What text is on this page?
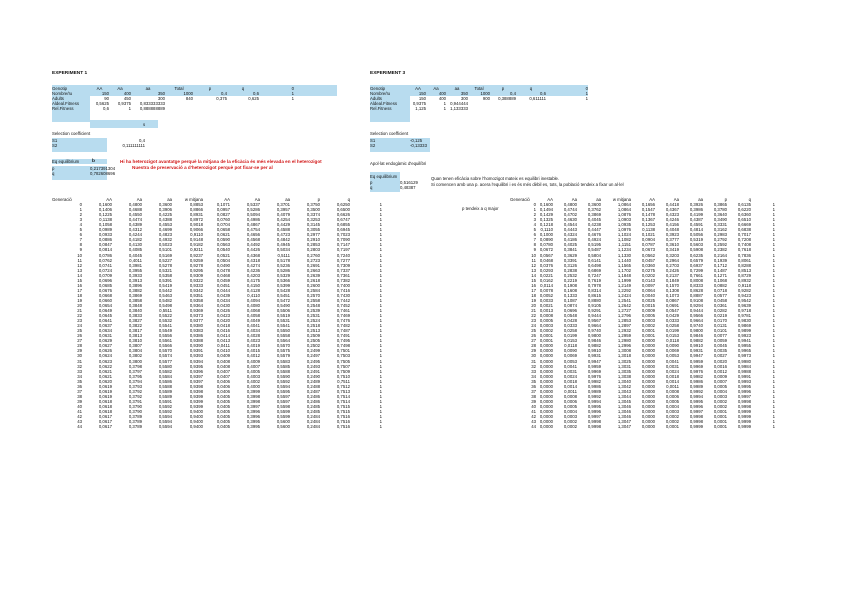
EXPERIMENT 1
Genotip	AA	Aa	aa	Total	p	q	0
Nombre/ïu	150	400	350	1000	0,4	0,6	1
Adults	90	450	300	840	0,375	0,625	1
Aldeal.Fitness	0,5625	0,9375	0,833333333				
Rel.Fitness	0,6	1	0,888888889				
s
Selection coefficient
S1	0,4
S2	0,111111111
Hi ha heterozigot avantatge perquè la mitjana de la eficàcia és més elevada en el heterozigot
Nuestra de preservació a d'heterozigot perquè pot fixar-se per al
Eq equilibrium	b
p	0,217391304
q	0,782608696
Generació	AA	Aa	aa	w mitjana	AA	Aa	aa	p	q	
0	0,1600	0,4800	0,3600	0,8853	0,1071	0,5337	0,3701	0,3750	0,6250	1
1	0,1406	0,4688	0,3906	0,8866	0,0957	0,5286	0,3957	0,3500	0,6500	1
2	0,1225	0,4550	0,4225	0,8931	0,0827	0,5094	0,4079	0,3374	0,6626	1
3	0,1138	0,4474	0,4388	0,8972	0,0760	0,4986	0,4254	0,3253	0,6747	1
4	0,1058	0,4389	0,4553	0,9018	0,0704	0,4867	0,4429	0,3145	0,6855	1
5	0,0989	0,4312	0,4699	0,9066	0,0658	0,4754	0,4588	0,3055	0,6945	1
6	0,0933	0,4244	0,4823	0,9110	0,0621	0,4656	0,4723	0,2977	0,7023	1
7	0,0886	0,4182	0,4932	0,9148	0,0590	0,4568	0,4842	0,2910	0,7090	1
8	0,0847	0,4130	0,5023	0,9182	0,0563	0,4492	0,4945	0,2853	0,7147	1
9	0,0814	0,4085	0,5101	0,9211	0,0540	0,4426	0,5034	0,2803	0,7197	1
10	0,0786	0,4045	0,5169	0,9237	0,0521	0,4368	0,5111	0,2760	0,7240	1
11	0,0762	0,4011	0,5227	0,9259	0,0504	0,4318	0,5178	0,2723	0,7277	1
12	0,0741	0,3981	0,5278	0,9278	0,0490	0,4274	0,5236	0,2691	0,7309	1
13	0,0724	0,3955	0,5321	0,9295	0,0478	0,4236	0,5286	0,2663	0,7337	1
14	0,0709	0,3933	0,5358	0,9309	0,0468	0,4203	0,5329	0,2639	0,7361	1
15	0,0696	0,3913	0,5391	0,9322	0,0459	0,4175	0,5366	0,2618	0,7382	1
16	0,0685	0,3896	0,5419	0,9333	0,0451	0,4150	0,5399	0,2600	0,7400	1
17	0,0676	0,3882	0,5442	0,9342	0,0444	0,4128	0,5428	0,2584	0,7416	1
18	0,0668	0,3869	0,5463	0,9351	0,0439	0,4110	0,5451	0,2570	0,7430	1
19	0,0660	0,3858	0,5482	0,9358	0,0434	0,4094	0,5472	0,2558	0,7442	1
20	0,0654	0,3848	0,5498	0,9364	0,0430	0,4080	0,5490	0,2548	0,7452	1
21	0,0649	0,3840	0,5511	0,9369	0,0426	0,4068	0,5506	0,2539	0,7461	1
22	0,0645	0,3833	0,5522	0,9373	0,0423	0,4058	0,5519	0,2531	0,7469	1
23	0,0641	0,3827	0,5532	0,9377	0,0420	0,4049	0,5531	0,2524	0,7476	1
24	0,0637	0,3822	0,5541	0,9380	0,0418	0,4041	0,5541	0,2518	0,7482	1
25	0,0634	0,3817	0,5549	0,9383	0,0416	0,4034	0,5550	0,2513	0,7487	1
26	0,0631	0,3813	0,5556	0,9386	0,0414	0,4028	0,5558	0,2509	0,7491	1
27	0,0629	0,3810	0,5561	0,9388	0,0413	0,4023	0,5564	0,2505	0,7495	1
28	0,0627	0,3807	0,5566	0,9390	0,0411	0,4019	0,5570	0,2502	0,7498	1
29	0,0626	0,3804	0,5570	0,9391	0,0410	0,4015	0,5575	0,2499	0,7501	1
30	0,0624	0,3802	0,5574	0,9393	0,0409	0,4012	0,5579	0,2497	0,7503	1
31	0,0623	0,3800	0,5577	0,9394	0,0408	0,4009	0,5583	0,2495	0,7505	1
32	0,0622	0,3798	0,5580	0,9395	0,0408	0,4007	0,5585	0,2493	0,7507	1
33	0,0621	0,3797	0,5582	0,9396	0,0407	0,4005	0,5588	0,2491	0,7509	1
34	0,0621	0,3795	0,5584	0,9397	0,0407	0,4003	0,5590	0,2490	0,7510	1
35	0,0620	0,3794	0,5586	0,9397	0,0406	0,4002	0,5592	0,2489	0,7511	1
36	0,0619	0,3793	0,5588	0,9398	0,0406	0,4000	0,5594	0,2488	0,7512	1
37	0,0619	0,3792	0,5589	0,9398	0,0406	0,3999	0,5595	0,2487	0,7513	1
38	0,0619	0,3792	0,5589	0,9399	0,0405	0,3998	0,5597	0,2486	0,7514	1
39	0,0618	0,3791	0,5591	0,9399	0,0405	0,3998	0,5597	0,2486	0,7514	1
40	0,0618	0,3790	0,5592	0,9399	0,0405	0,3997	0,5598	0,2485	0,7515	1
41	0,0618	0,3790	0,5592	0,9400	0,0405	0,3996	0,5599	0,2485	0,7515	1
42	0,0617	0,3789	0,5594	0,9400	0,0405	0,3996	0,5599	0,2484	0,7516	1
43	0,0617	0,3789	0,5594	0,9400	0,0405	0,3995	0,5600	0,2484	0,7516	1
44	0,0617	0,3789	0,5594	0,9400	0,0405	0,3995	0,5600	0,2484	0,7516	1
EXPERIMENT 3
Genotip	AA	Aa	aa	Total	p	q	0
Nombre/ïu	150	400	350	1000	0,4	0,6	1
Adults	150	400	300	900	0,388889	0,611111	1
Aldeal.Fitness	0,9375	1	0,944444				
Rel.Fitness	1,125	1	1,133333				
Selection coefficient
S1	-0,125
S2	-0,13333
Apol·lat endogàmic d'equilíbri
Eq equilibrium
p	0,516129
q	0,48387
Quan tenen eficàcia sobre l'homozigot mateix es equilibri inestable.
Si comencen amb una p. acera l'equilibri i es és més dèbil es, tots, la població tendeix a fixar un al·lel
p tendeix a q major
Generació	AA	Aa	aa	w mitjana	AA	Aa	aa	p	q	
0	0,1600	0,4800	0,3600	1,0864	0,1656	0,4418	0,3926	0,3865	0,6135	1
1	0,1494	0,4744	0,3762	1,0864	0,1547	0,4367	0,3986	0,3780	0,6220	1
2	0,1429	0,4702	0,3869	1,0876	0,1478	0,4323	0,4199	0,3640	0,6360	1
3	0,1325	0,4630	0,4045	1,0903	0,1367	0,4246	0,4387	0,3490	0,6510	1
4	0,1218	0,4544	0,4238	1,0935	0,1253	0,4156	0,4591	0,3331	0,6669	1
5	0,1110	0,4443	0,4447	1,0976	0,1138	0,4048	0,4814	0,3162	0,6838	1
6	0,1000	0,4324	0,4676	1,1024	0,1021	0,3923	0,5056	0,2983	0,7017	1
7	0,0890	0,4186	0,4924	1,1082	0,0904	0,3777	0,5319	0,2792	0,7208	1
8	0,0780	0,4025	0,5195	1,1151	0,0787	0,3610	0,5603	0,2592	0,7408	1
9	0,0672	0,3841	0,5487	1,1234	0,0673	0,3419	0,5908	0,2382	0,7618	1
10	0,0567	0,3629	0,5804	1,1330	0,0562	0,3203	0,6235	0,2164	0,7836	1
11	0,0468	0,3391	0,6141	1,1440	0,0457	0,2964	0,6579	0,1939	0,8061	1
12	0,0376	0,3126	0,6498	1,1565	0,0360	0,2703	0,6937	0,1712	0,8288	1
13	0,0293	0,2838	0,6869	1,1702	0,0275	0,2426	0,7299	0,1487	0,8513	1
14	0,0221	0,2532	0,7247	1,1848	0,0202	0,2137	0,7661	0,1271	0,8729	1
15	0,0162	0,2219	0,7619	1,1999	0,0143	0,1849	0,8008	0,1068	0,8932	1
16	0,0114	0,1908	0,7978	1,2149	0,0097	0,1570	0,8333	0,0882	0,9118	1
17	0,0078	0,1608	0,8314	1,2292	0,0064	0,1308	0,8628	0,0718	0,9282	1
18	0,0052	0,1333	0,8615	1,2424	0,0040	0,1073	0,8887	0,0577	0,9423	1
19	0,0033	0,1087	0,8880	1,2541	0,0025	0,0867	0,9108	0,0458	0,9542	1
20	0,0021	0,0874	0,9105	1,2642	0,0015	0,0691	0,9294	0,0361	0,9639	1
21	0,0013	0,0696	0,9291	1,2727	0,0009	0,0547	0,9444	0,0282	0,9718	1
22	0,0008	0,0548	0,9444	1,2796	0,0005	0,0429	0,9566	0,0219	0,9781	1
23	0,0005	0,0428	0,9567	1,2853	0,0003	0,0333	0,9664	0,0170	0,9830	1
24	0,0003	0,0333	0,9664	1,2897	0,0002	0,0258	0,9740	0,0131	0,9869	1
25	0,0002	0,0258	0,9740	1,2932	0,0001	0,0199	0,9800	0,0101	0,9899	1
26	0,0001	0,0199	0,9800	1,2959	0,0001	0,0153	0,9846	0,0077	0,9923	1
27	0,0001	0,0153	0,9846	1,2980	0,0000	0,0118	0,9882	0,0059	0,9941	1
28	0,0000	0,0118	0,9882	1,2996	0,0000	0,0090	0,9910	0,0045	0,9955	1
29	0,0000	0,0090	0,9910	1,3008	0,0000	0,0069	0,9931	0,0035	0,9965	1
30	0,0000	0,0069	0,9931	1,3018	0,0000	0,0053	0,9947	0,0027	0,9973	1
31	0,0000	0,0053	0,9947	1,3025	0,0000	0,0041	0,9959	0,0020	0,9980	1
32	0,0000	0,0041	0,9959	1,3031	0,0000	0,0031	0,9969	0,0016	0,9984	1
33	0,0000	0,0031	0,9969	1,3035	0,0000	0,0024	0,9976	0,0012	0,9988	1
34	0,0000	0,0024	0,9976	1,3038	0,0000	0,0018	0,9982	0,0009	0,9991	1
35	0,0000	0,0018	0,9982	1,3040	0,0000	0,0014	0,9986	0,0007	0,9993	1
36	0,0000	0,0014	0,9986	1,3042	0,0000	0,0011	0,9989	0,0005	0,9995	1
37	0,0000	0,0011	0,9989	1,3043	0,0000	0,0008	0,9992	0,0004	0,9996	1
38	0,0000	0,0008	0,9992	1,3044	0,0000	0,0006	0,9994	0,0003	0,9997	1
39	0,0000	0,0006	0,9994	1,3045	0,0000	0,0005	0,9995	0,0002	0,9998	1
40	0,0000	0,0005	0,9995	1,3046	0,0000	0,0004	0,9996	0,0002	0,9998	1
41	0,0000	0,0004	0,9996	1,3046	0,0000	0,0003	0,9997	0,0001	0,9999	1
42	0,0000	0,0003	0,9997	1,3046	0,0000	0,0002	0,9998	0,0001	0,9999	1
43	0,0000	0,0002	0,9998	1,3047	0,0000	0,0002	0,9998	0,0001	0,9999	1
44	0,0000	0,0002	0,9998	1,3047	0,0000	0,0001	0,9999	0,0001	0,9999	1
